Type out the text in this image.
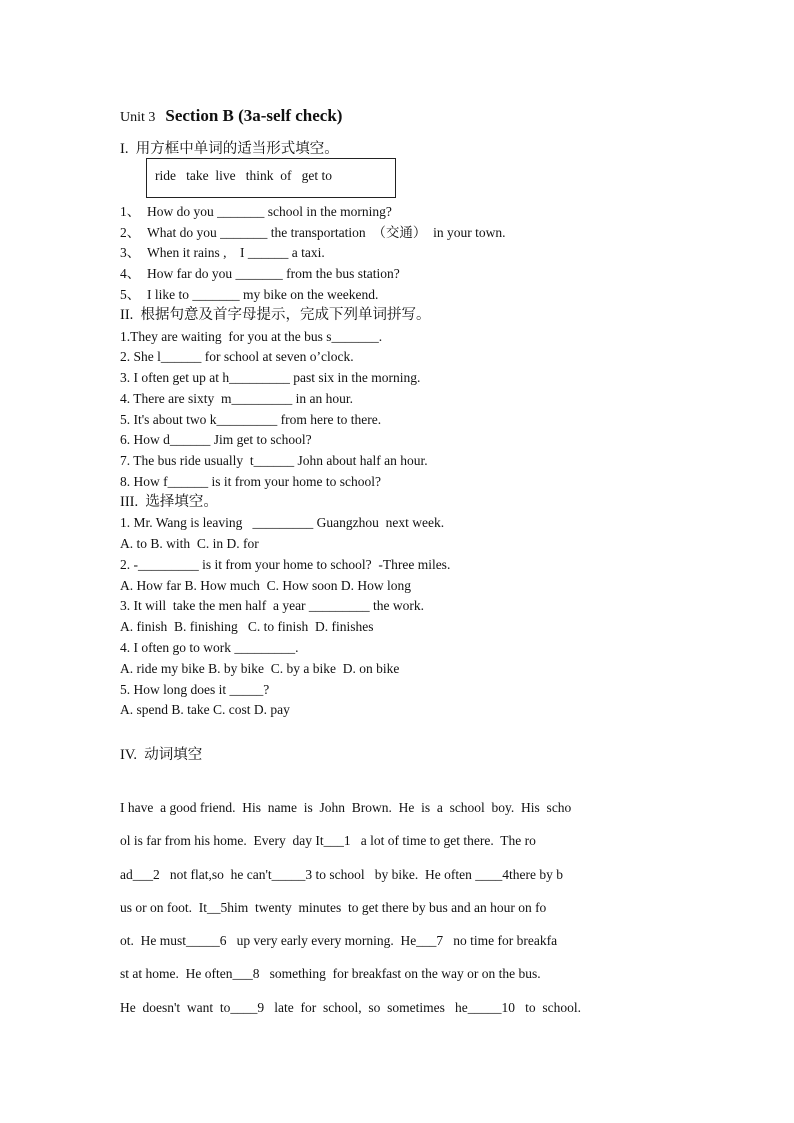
Unit 3 Section B (3a-self check)
I.  用方框中单词的适当形式填空。
ride   take  live   think  of   get to
1、  How do you _______ school in the morning?
2、  What do you _______ the transportation  （交通）  in your town.
3、  When it rains ,    I ______ a taxi.
4、  How far do you _______ from the bus station?
5、  I like to _______ my bike on the weekend.
II.  根据句意及首字母提示，完成下列单词拼写。
1.They are waiting  for you at the bus s_______.
2. She l______ for school at seven o’clock.
3. I often get up at h_________ past six in the morning.
4. There are sixty  m_________ in an hour.
5. It's about two k_________ from here to there.
6. How d______ Jim get to school?
7. The bus ride usually  t______ John about half an hour.
8. How f______ is it from your home to school?
III.  选择填空。
1. Mr. Wang is leaving   _________ Guangzhou  next week.
A. to B. with  C. in D. for
2. -_________ is it from your home to school?  -Three miles.
A. How far B. How much  C. How soon D. How long
3. It will  take the men half  a year _________ the work.
A. finish  B. finishing   C. to finish  D. finishes
4. I often go to work _________.
A. ride my bike B. by bike  C. by a bike  D. on bike
5. How long does it _____?
A. spend B. take C. cost D. pay
IV.  动词填空
I have  a good friend.  His  name  is  John  Brown.  He  is  a  school  boy.  His  scho
ol is far from his home.  Every  day It___1   a lot of time to get there.  The ro
ad___2   not flat,so  he can't_____3 to school   by bike.  He often ____4there by b
us or on foot.  It__5him  twenty  minutes  to get there by bus and an hour on fo
ot.  He must_____6   up very early every morning.  He___7   no time for breakfa
st at home.  He often___8   something  for breakfast on the way or on the bus.
He  doesn't  want  to____9   late  for  school,  so  sometimes   he_____10   to  school.
